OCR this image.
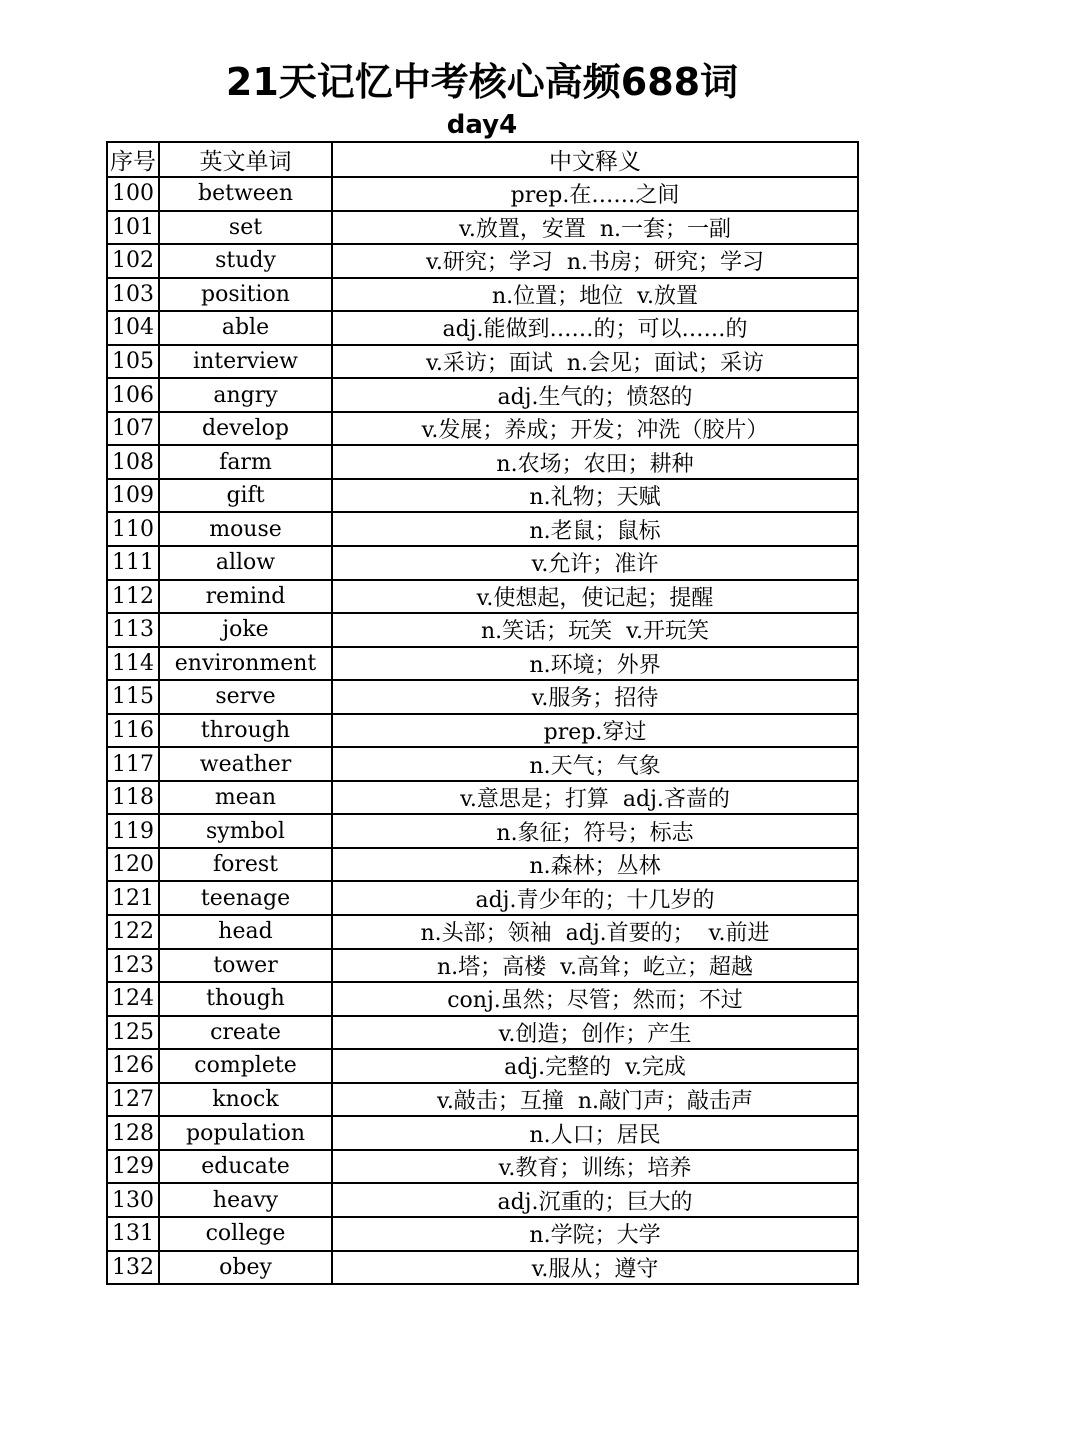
21天记忆中考核心高频688词
day4
序号	英文单词	中文释义
100	between	prep.在……之间
101	set	v.放置，安置  n.一套；一副
102	study	v.研究；学习  n.书房；研究；学习
103	position	n.位置；地位  v.放置
104	able	adj.能做到……的；可以……的
105	interview	v.采访；面试  n.会见；面试；采访
106	angry	adj.生气的；愤怒的
107	develop	v.发展；养成；开发；冲洗（胶片）
108	farm	n.农场；农田；耕种
109	gift	n.礼物；天赋
110	mouse	n.老鼠；鼠标
111	allow	v.允许；准许
112	remind	v.使想起，使记起；提醒
113	joke	n.笑话；玩笑  v.开玩笑
114	environment	n.环境；外界
115	serve	v.服务；招待
116	through	prep.穿过
117	weather	n.天气；气象
118	mean	v.意思是；打算  adj.吝啬的
119	symbol	n.象征；符号；标志
120	forest	n.森林；丛林
121	teenage	adj.青少年的；十几岁的
122	head	n.头部；领袖  adj.首要的；  v.前进
123	tower	n.塔；高楼  v.高耸；屹立；超越
124	though	conj.虽然；尽管；然而；不过
125	create	v.创造；创作；产生
126	complete	adj.完整的  v.完成
127	knock	v.敲击；互撞  n.敲门声；敲击声
128	population	n.人口；居民
129	educate	v.教育；训练；培养
130	heavy	adj.沉重的；巨大的
131	college	n.学院；大学
132	obey	v.服从；遵守
